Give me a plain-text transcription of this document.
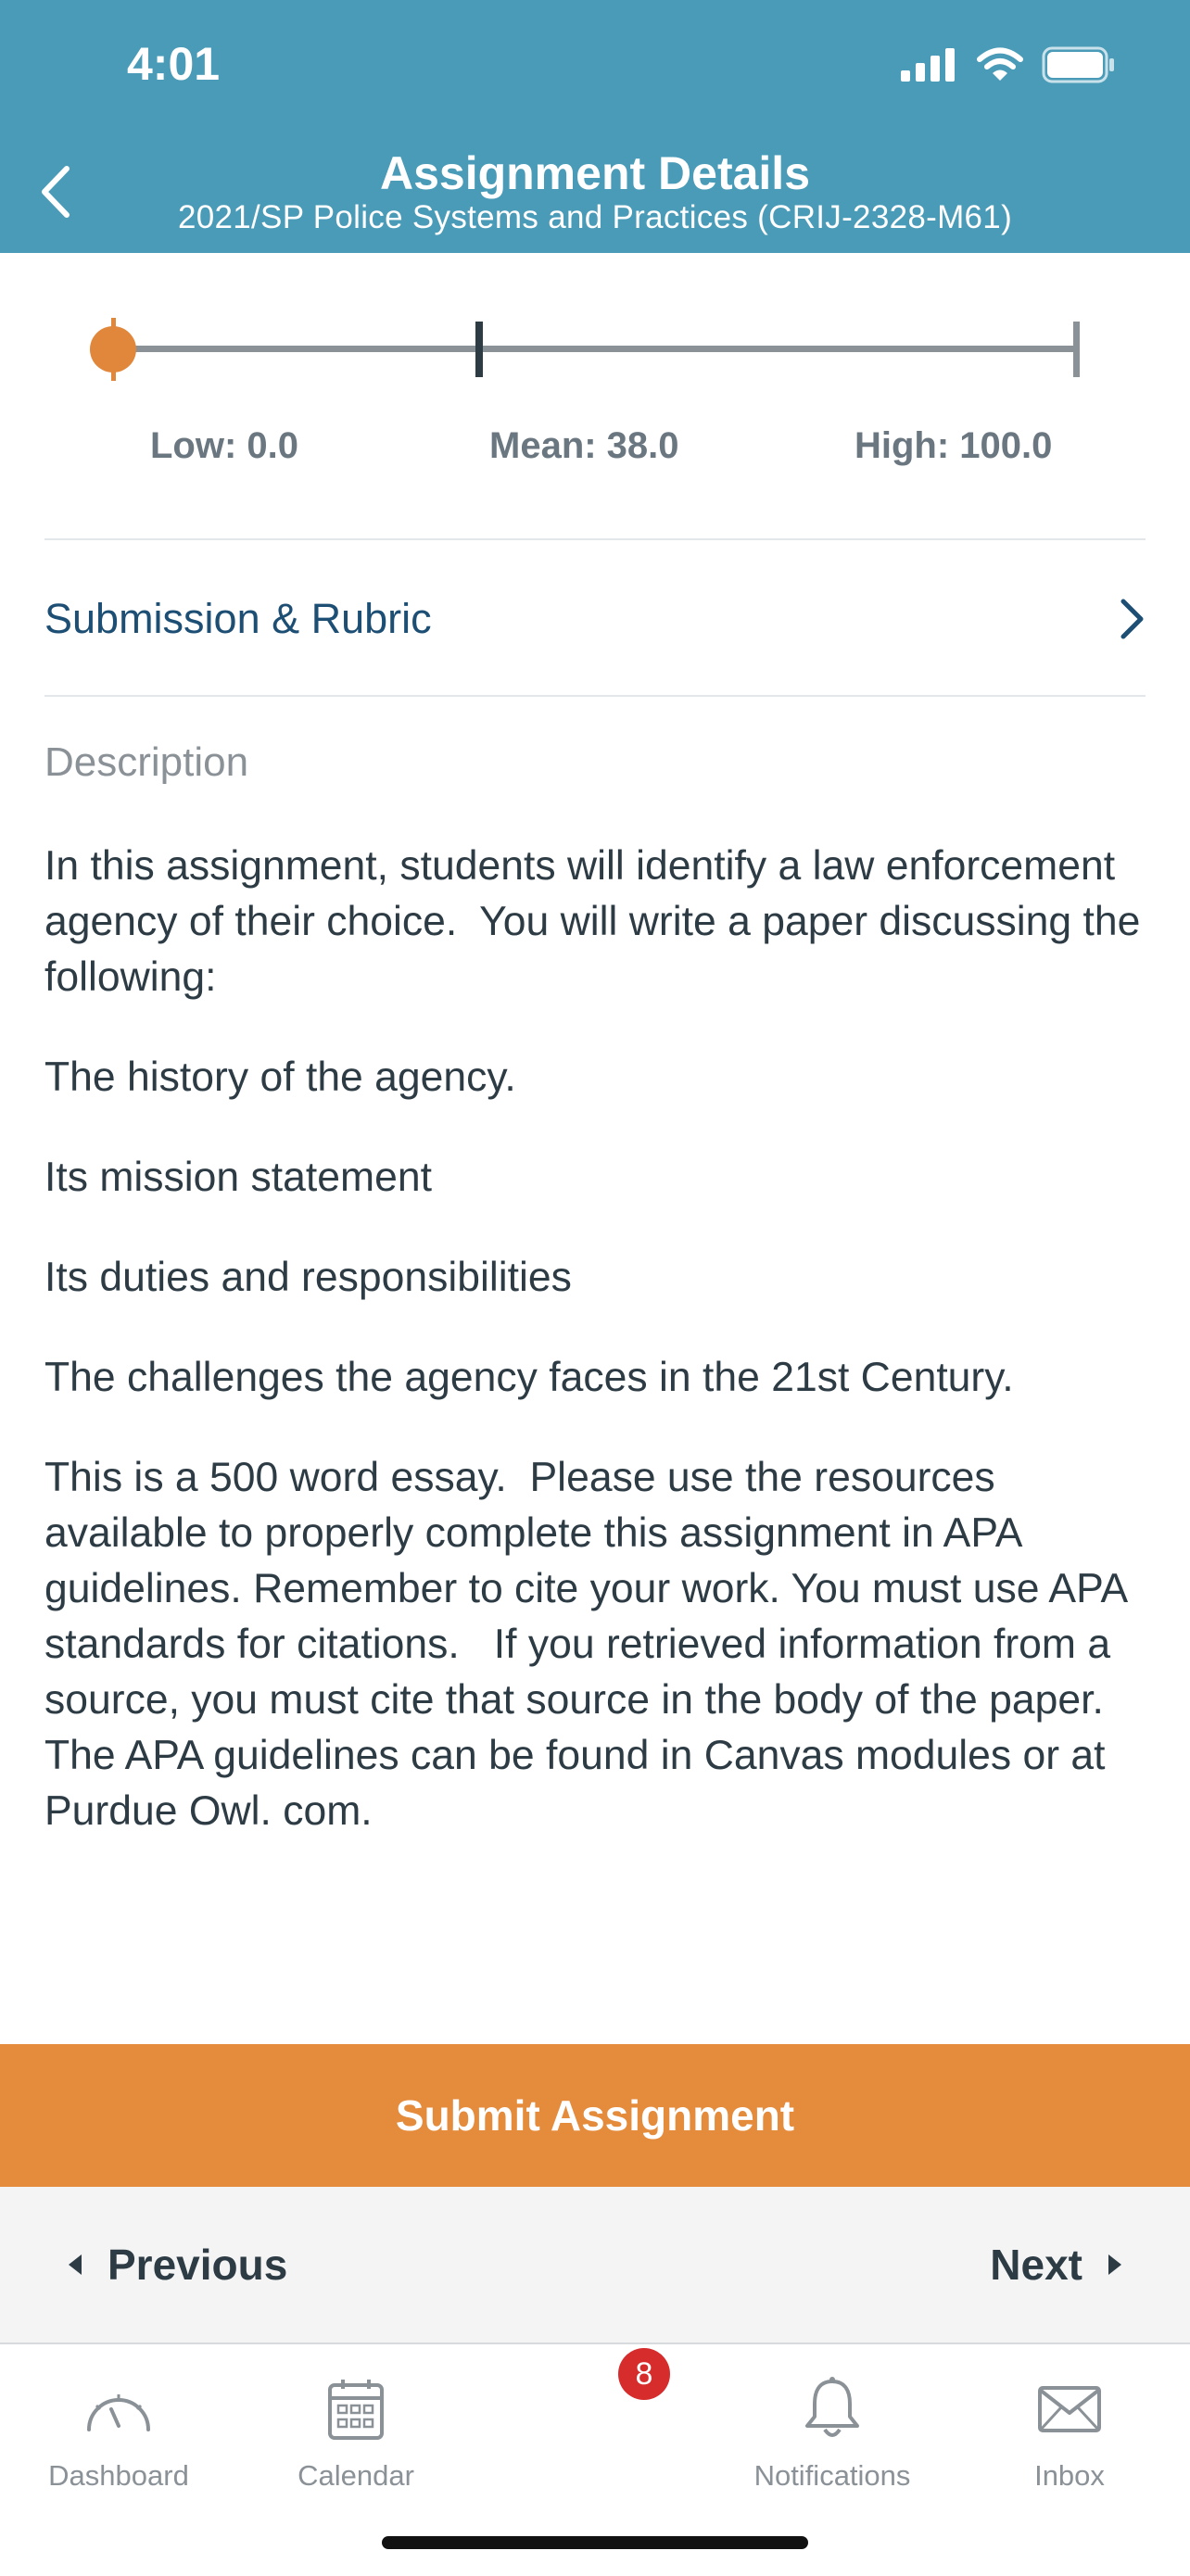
4:01
Assignment Details
2021/SP Police Systems and Practices (CRIJ-2328-M61)
Low: 0.0	Mean: 38.0	High: 100.0
Submission & Rubric
Description

In this assignment, students will identify a law enforcement agency of their choice.  You will write a paper discussing the following:

The history of the agency.

Its mission statement

Its duties and responsibilities

The challenges the agency faces in the 21st Century.

This is a 500 word essay.  Please use the resources available to properly complete this assignment in APA guidelines. Remember to cite your work. You must use APA standards for citations.   If you retrieved information from a source, you must cite that source in the body of the paper.  The APA guidelines can be found in Canvas modules or at Purdue Owl. com.

Submit Assignment
Previous	Next
Dashboard	Calendar	Notifications	Inbox
8
